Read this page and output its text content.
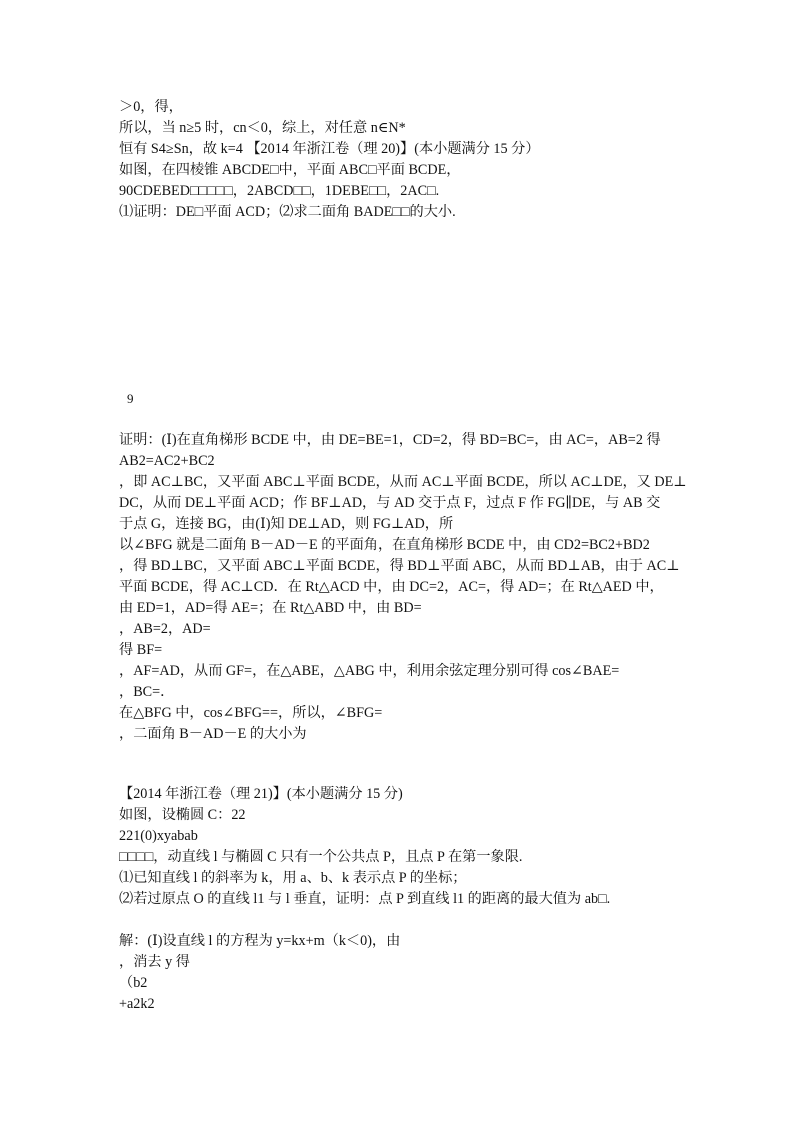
＞0，得，
所以，当 n≥5 时，cn＜0，综上，对任意 n∈N*
恒有 S4≥Sn，故 k=4 【2014 年浙江卷（理 20)】(本小题满分 15 分）
如图，在四棱锥 ABCDE□中，平面 ABC□平面 BCDE，
90CDEBED□□□□□，2ABCD□□，1DEBE□□，2AC□.
⑴证明：DE□平面 ACD；⑵求二面角 BADE□□的大小.
9
证明：(Ⅰ)在直角梯形 BCDE 中，由 DE=BE=1，CD=2，得 BD=BC=，由 AC=，AB=2 得
AB2=AC2+BC2
，即 AC⊥BC，又平面 ABC⊥平面 BCDE，从而 AC⊥平面 BCDE，所以 AC⊥DE，又 DE⊥
DC，从而 DE⊥平面 ACD；作 BF⊥AD，与 AD 交于点 F，过点 F 作 FG∥DE，与 AB 交
于点 G，连接 BG，由(Ⅰ)知 DE⊥AD，则 FG⊥AD，所
以∠BFG 就是二面角 B－AD－E 的平面角，在直角梯形 BCDE 中，由 CD2=BC2+BD2
，得 BD⊥BC，又平面 ABC⊥平面 BCDE，得 BD⊥平面 ABC，从而 BD⊥AB，由于 AC⊥
平面 BCDE，得 AC⊥CD．在 Rt△ACD 中，由 DC=2，AC=，得 AD=；在 Rt△AED 中，
由 ED=1，AD=得 AE=；在 Rt△ABD 中，由 BD=
，AB=2，AD=
得 BF=
，AF=AD，从而 GF=，在△ABE，△ABG 中，利用余弦定理分别可得 cos∠BAE=
，BC=．
在△BFG 中，cos∠BFG==，所以，∠BFG=
，二面角 B－AD－E 的大小为
【2014 年浙江卷（理 21)】(本小题满分 15 分)
如图，设椭圆 C：22
221(0)xyabab
□□□□，动直线 l 与椭圆 C 只有一个公共点 P，且点 P 在第一象限.
⑴已知直线 l 的斜率为 k，用 a、b、k 表示点 P 的坐标；
⑵若过原点 O 的直线 l1 与 l 垂直，证明：点 P 到直线 l1 的距离的最大值为 ab□.
解：(Ⅰ)设直线 l 的方程为 y=kx+m（k＜0)，由
，消去 y 得
（b2
+a2k2
